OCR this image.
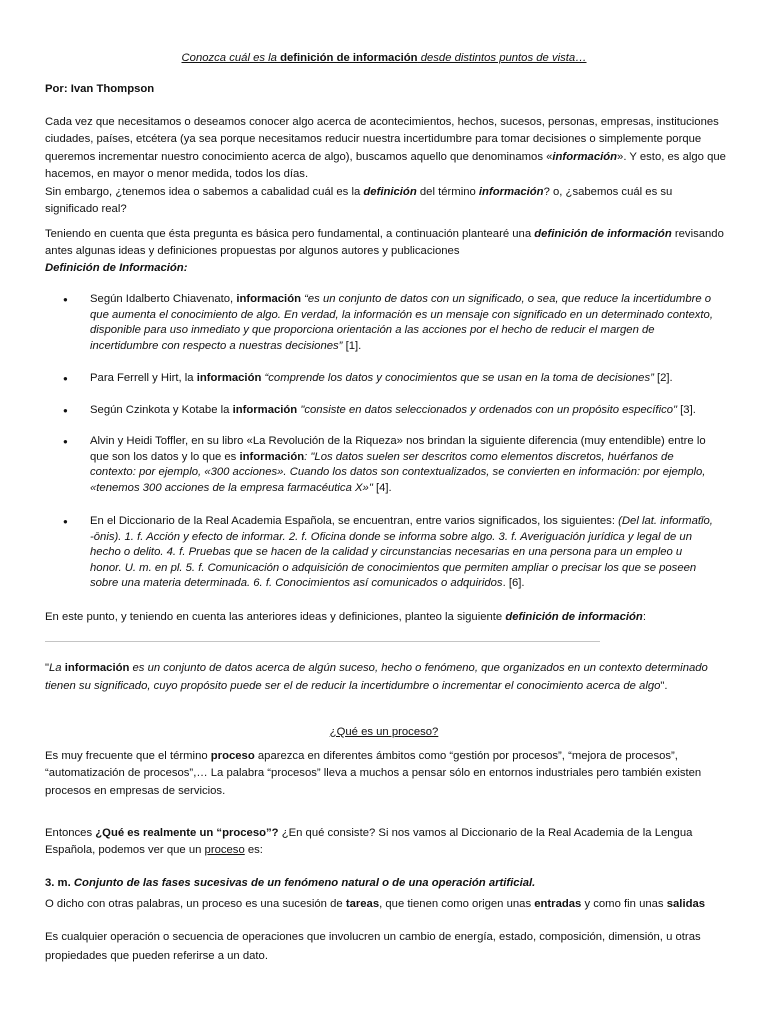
Conozca cuál es la definición de información desde distintos puntos de vista…
Por: Ivan Thompson
Cada vez que necesitamos o deseamos conocer algo acerca de acontecimientos, hechos, sucesos, personas, empresas, instituciones ciudades, países, etcétera (ya sea porque necesitamos reducir nuestra incertidumbre para tomar decisiones o simplemente porque queremos incrementar nuestro conocimiento acerca de algo), buscamos aquello que denominamos «información». Y esto, es algo que hacemos, en mayor o menor medida, todos los días.
Sin embargo, ¿tenemos idea o sabemos a cabalidad cuál es la definición del término información? o, ¿sabemos cuál es su significado real?
Teniendo en cuenta que ésta pregunta es básica pero fundamental, a continuación plantearé una definición de información revisando antes algunas ideas y definiciones propuestas por algunos autores y publicaciones
Definición de Información:
● Según Idalberto Chiavenato, información “es un conjunto de datos con un significado, o sea, que reduce la incertidumbre o que aumenta el conocimiento de algo. En verdad, la información es un mensaje con significado en un determinado contexto, disponible para uso inmediato y que proporciona orientación a las acciones por el hecho de reducir el margen de incertidumbre con respecto a nuestras decisiones” [1].
● Para Ferrell y Hirt, la información “comprende los datos y conocimientos que se usan en la toma de decisiones” [2].
● Según Czinkota y Kotabe la información "consiste en datos seleccionados y ordenados con un propósito específico" [3].
● Alvin y Heidi Toffler, en su libro «La Revolución de la Riqueza» nos brindan la siguiente diferencia (muy entendible) entre lo que son los datos y lo que es información: "Los datos suelen ser descritos como elementos discretos, huérfanos de contexto: por ejemplo, «300 acciones». Cuando los datos son contextualizados, se convierten en información: por ejemplo, «tenemos 300 acciones de la empresa farmacéutica X»" [4].
● En el Diccionario de la Real Academia Española, se encuentran, entre varios significados, los siguientes: (Del lat. informatĭo, -ōnis). 1. f. Acción y efecto de informar. 2. f. Oficina donde se informa sobre algo. 3. f. Averiguación jurídica y legal de un hecho o delito. 4. f. Pruebas que se hacen de la calidad y circunstancias necesarias en una persona para un empleo u honor. U. m. en pl. 5. f. Comunicación o adquisición de conocimientos que permiten ampliar o precisar los que se poseen sobre una materia determinada. 6. f. Conocimientos así comunicados o adquiridos. [6].
En este punto, y teniendo en cuenta las anteriores ideas y definiciones, planteo la siguiente definición de información:
"La información es un conjunto de datos acerca de algún suceso, hecho o fenómeno, que organizados en un contexto determinado tienen su significado, cuyo propósito puede ser el de reducir la incertidumbre o incrementar el conocimiento acerca de algo".
¿Qué es un proceso?
Es muy frecuente que el término proceso aparezca en diferentes ámbitos como “gestión por procesos”, “mejora de procesos”, “automatización de procesos”,… La palabra “procesos” lleva a muchos a pensar sólo en entornos industriales pero también existen procesos en empresas de servicios.
Entonces ¿Qué es realmente un “proceso”? ¿En qué consiste? Si nos vamos al Diccionario de la Real Academia de la Lengua Española, podemos ver que un proceso es:
3. m. Conjunto de las fases sucesivas de un fenómeno natural o de una operación artificial.
O dicho con otras palabras, un proceso es una sucesión de tareas, que tienen como origen unas entradas y como fin unas salidas
Es cualquier operación o secuencia de operaciones que involucren un cambio de energía, estado, composición, dimensión, u otras propiedades que pueden referirse a un dato.
